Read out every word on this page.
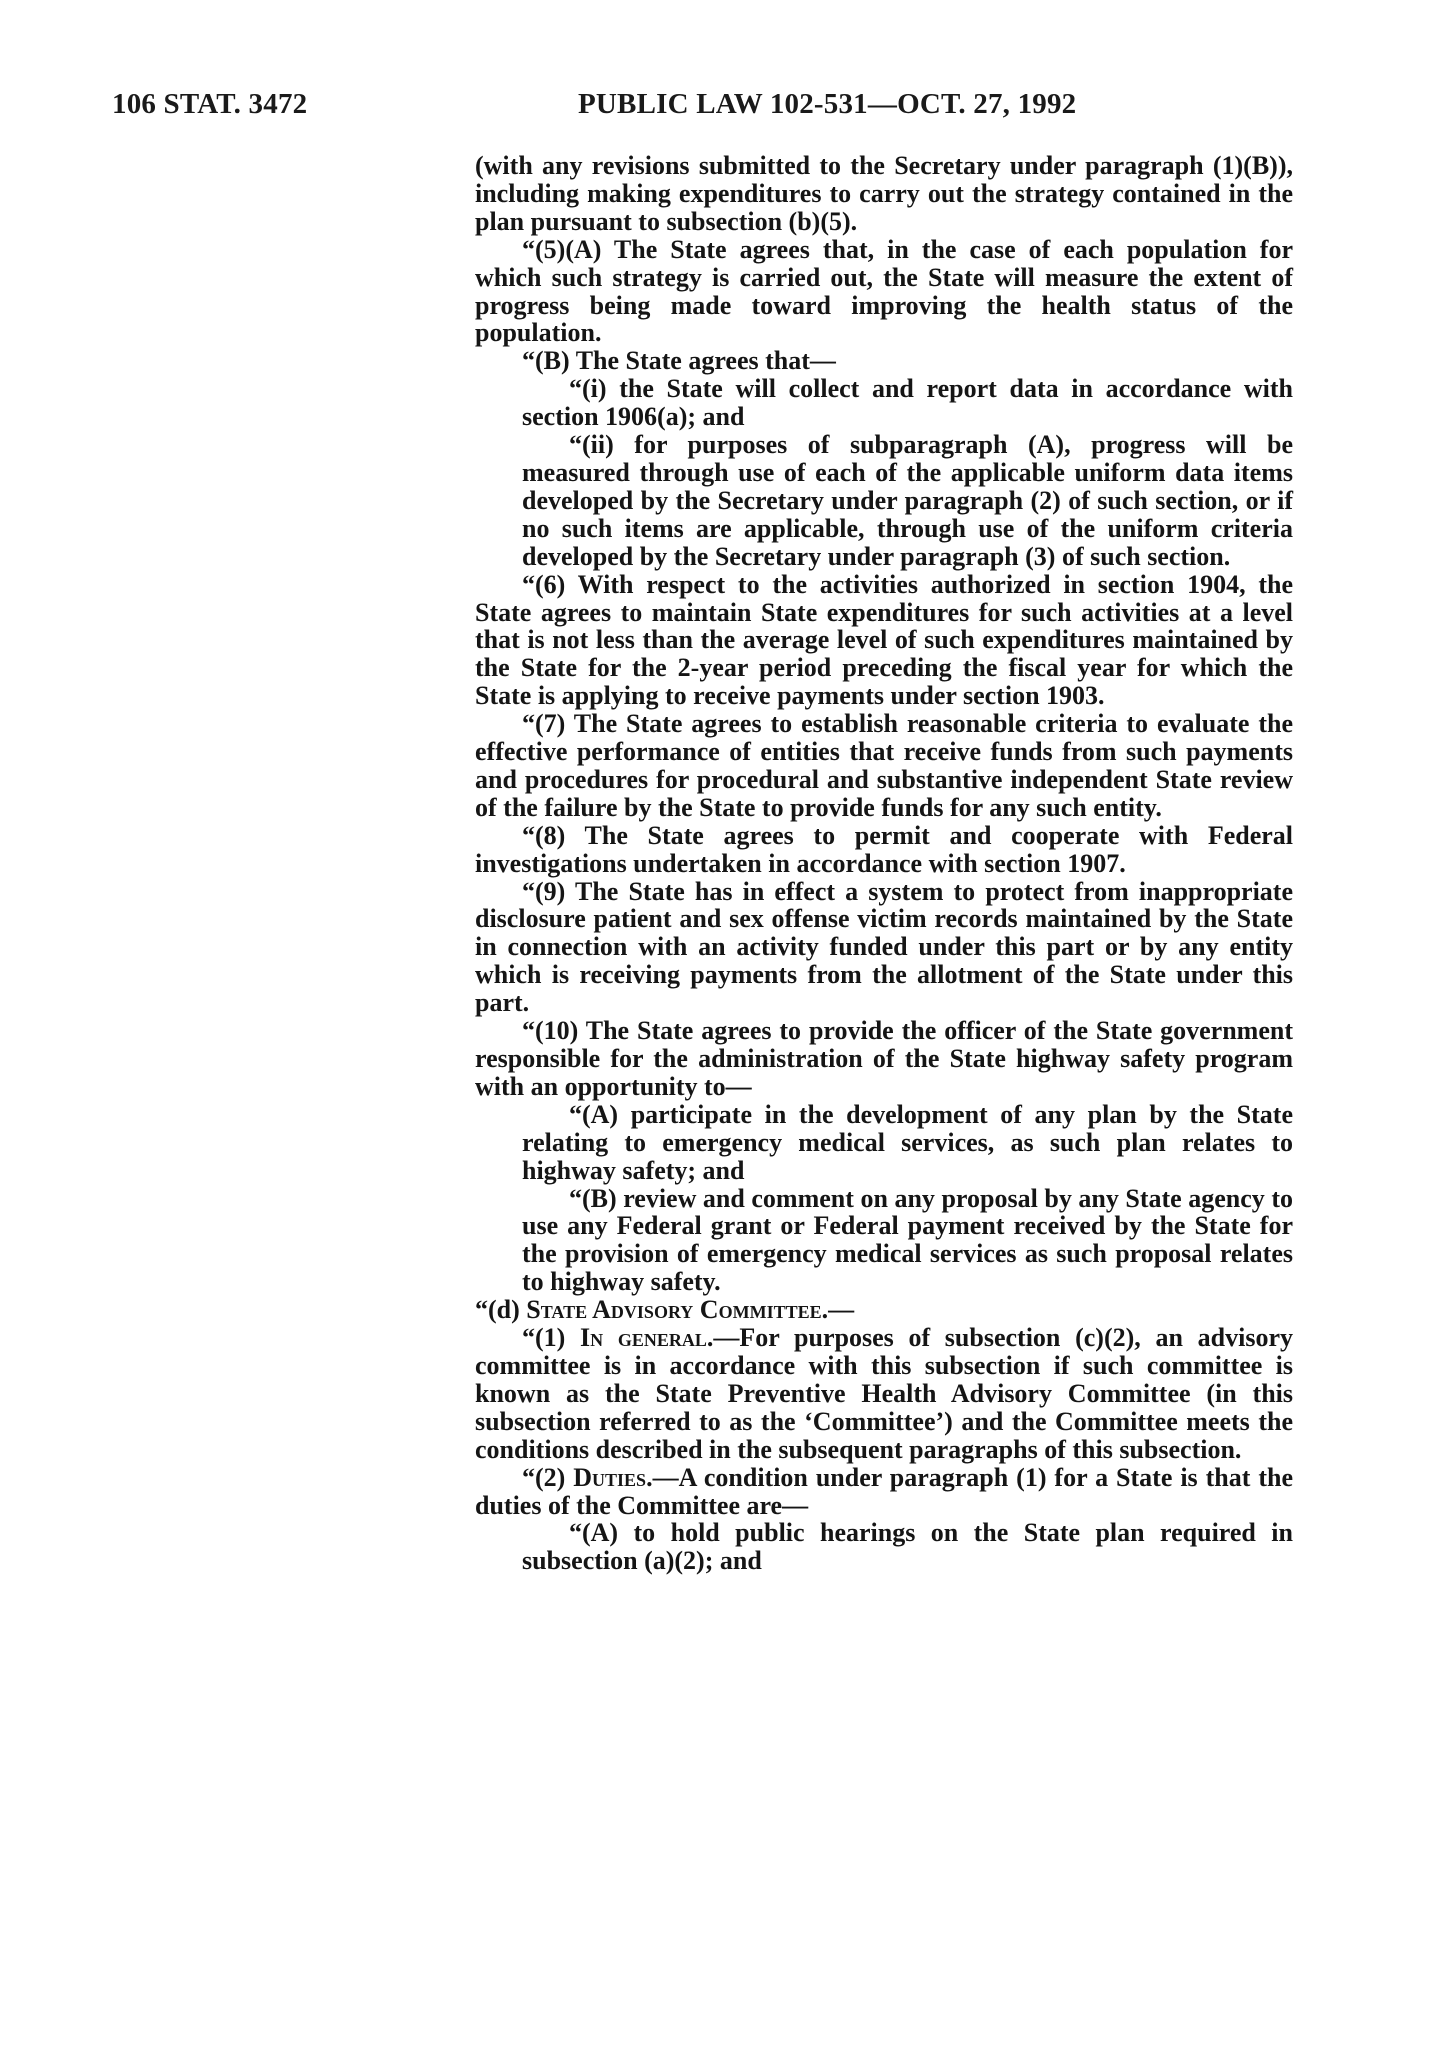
106 STAT. 3472	PUBLIC LAW 102-531—OCT. 27, 1992

(with any revisions submitted to the Secretary under paragraph (1)(B)), including making expenditures to carry out the strategy contained in the plan pursuant to subsection (b)(5).

“(5)(A) The State agrees that, in the case of each population for which such strategy is carried out, the State will measure the extent of progress being made toward improving the health status of the population.

“(B) The State agrees that—

“(i) the State will collect and report data in accordance with section 1906(a); and

“(ii) for purposes of subparagraph (A), progress will be measured through use of each of the applicable uniform data items developed by the Secretary under paragraph (2) of such section, or if no such items are applicable, through use of the uniform criteria developed by the Secretary under paragraph (3) of such section.

“(6) With respect to the activities authorized in section 1904, the State agrees to maintain State expenditures for such activities at a level that is not less than the average level of such expenditures maintained by the State for the 2-year period preceding the fiscal year for which the State is applying to receive payments under section 1903.

“(7) The State agrees to establish reasonable criteria to evaluate the effective performance of entities that receive funds from such payments and procedures for procedural and substantive independent State review of the failure by the State to provide funds for any such entity.

“(8) The State agrees to permit and cooperate with Federal investigations undertaken in accordance with section 1907.

“(9) The State has in effect a system to protect from inappropriate disclosure patient and sex offense victim records maintained by the State in connection with an activity funded under this part or by any entity which is receiving payments from the allotment of the State under this part.

“(10) The State agrees to provide the officer of the State government responsible for the administration of the State highway safety program with an opportunity to—

“(A) participate in the development of any plan by the State relating to emergency medical services, as such plan relates to highway safety; and

“(B) review and comment on any proposal by any State agency to use any Federal grant or Federal payment received by the State for the provision of emergency medical services as such proposal relates to highway safety.

“(d) State Advisory Committee.—

“(1) In general.—For purposes of subsection (c)(2), an advisory committee is in accordance with this subsection if such committee is known as the State Preventive Health Advisory Committee (in this subsection referred to as the ‘Committee’) and the Committee meets the conditions described in the subsequent paragraphs of this subsection.

“(2) Duties.—A condition under paragraph (1) for a State is that the duties of the Committee are—

“(A) to hold public hearings on the State plan required in subsection (a)(2); and
